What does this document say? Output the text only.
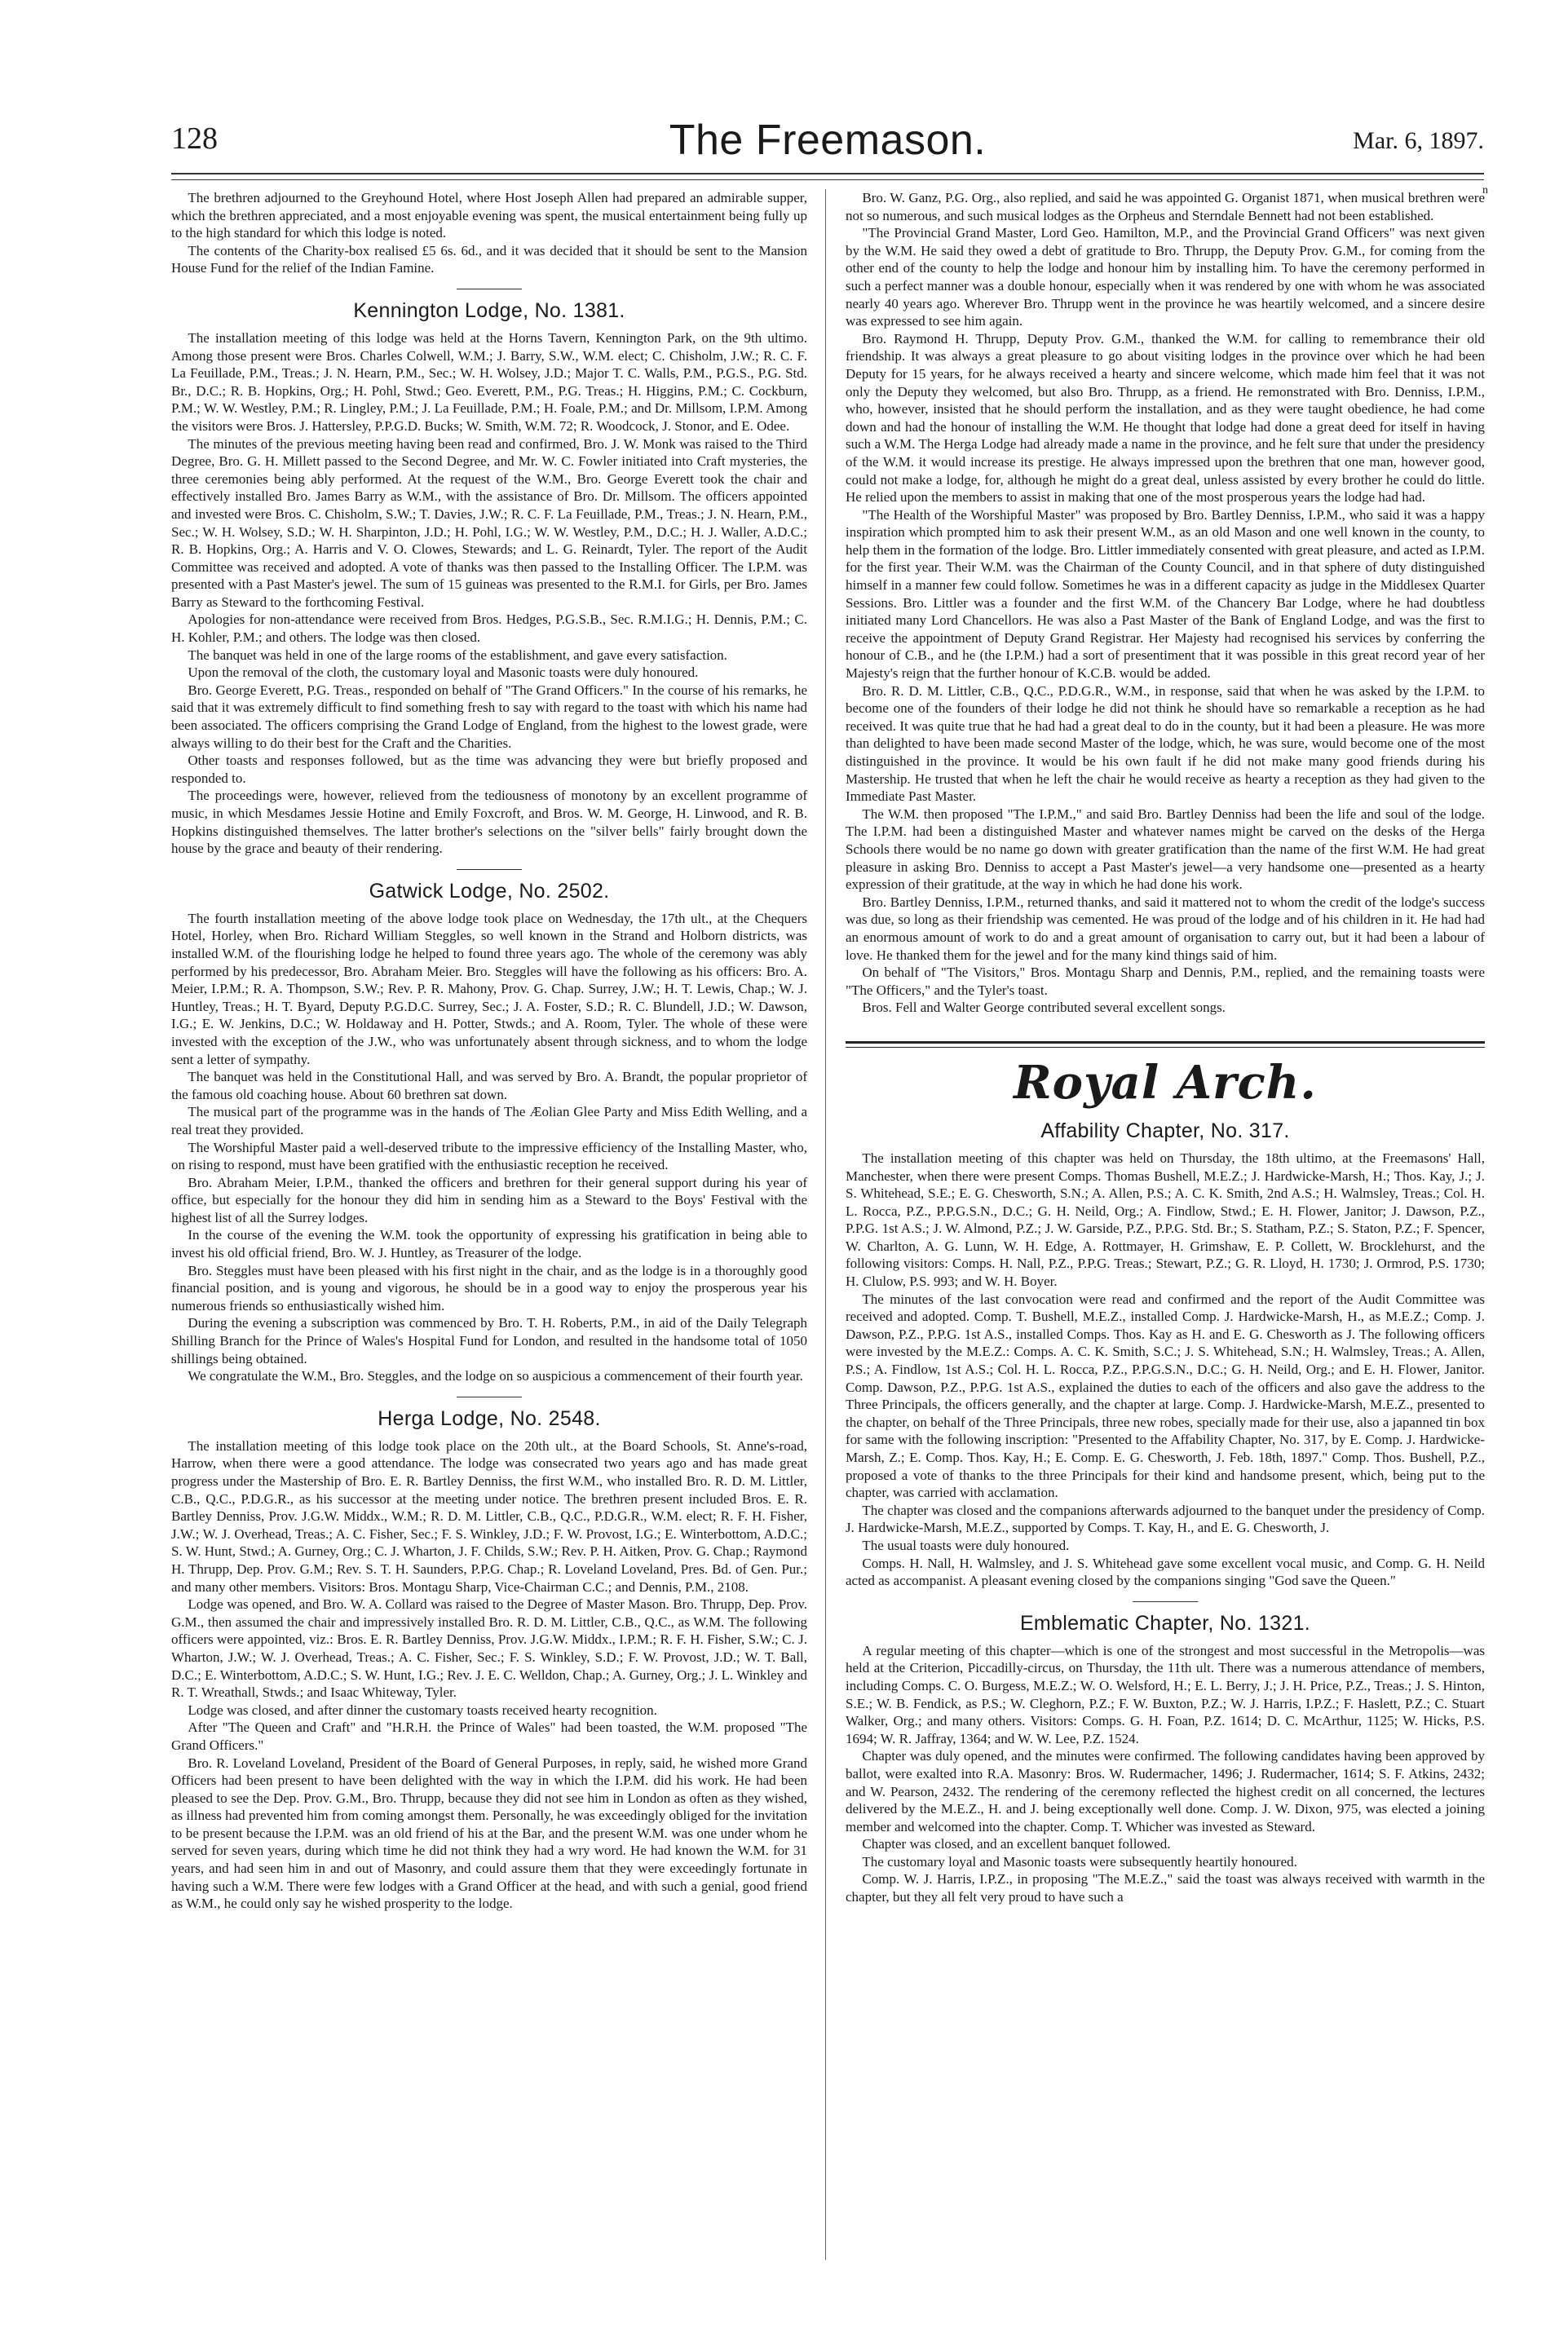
128	The Freemason.	Mar. 6, 1897.
n

The brethren adjourned to the Greyhound Hotel, where Host Joseph Allen had prepared an admirable supper, which the brethren appreciated, and a most enjoyable evening was spent, the musical entertainment being fully up to the high standard for which this lodge is noted.

The contents of the Charity-box realised £5 6s. 6d., and it was decided that it should be sent to the Mansion House Fund for the relief of the Indian Famine.

Kennington Lodge, No. 1381.

The installation meeting of this lodge was held at the Horns Tavern, Kennington Park, on the 9th ultimo. Among those present were Bros. Charles Colwell, W.M.; J. Barry, S.W., W.M. elect; C. Chisholm, J.W.; R. C. F. La Feuillade, P.M., Treas.; J. N. Hearn, P.M., Sec.; W. H. Wolsey, J.D.; Major T. C. Walls, P.M., P.G.S., P.G. Std. Br., D.C.; R. B. Hopkins, Org.; H. Pohl, Stwd.; Geo. Everett, P.M., P.G. Treas.; H. Higgins, P.M.; C. Cockburn, P.M.; W. W. Westley, P.M.; R. Lingley, P.M.; J. La Feuillade, P.M.; H. Foale, P.M.; and Dr. Millsom, I.P.M. Among the visitors were Bros. J. Hattersley, P.P.G.D. Bucks; W. Smith, W.M. 72; R. Woodcock, J. Stonor, and E. Odee.

The minutes of the previous meeting having been read and confirmed, Bro. J. W. Monk was raised to the Third Degree, Bro. G. H. Millett passed to the Second Degree, and Mr. W. C. Fowler initiated into Craft mysteries, the three ceremonies being ably performed. At the request of the W.M., Bro. George Everett took the chair and effectively installed Bro. James Barry as W.M., with the assistance of Bro. Dr. Millsom. The officers appointed and invested were Bros. C. Chisholm, S.W.; T. Davies, J.W.; R. C. F. La Feuillade, P.M., Treas.; J. N. Hearn, P.M., Sec.; W. H. Wolsey, S.D.; W. H. Sharpinton, J.D.; H. Pohl, I.G.; W. W. Westley, P.M., D.C.; H. J. Waller, A.D.C.; R. B. Hopkins, Org.; A. Harris and V. O. Clowes, Stewards; and L. G. Reinardt, Tyler. The report of the Audit Committee was received and adopted. A vote of thanks was then passed to the Installing Officer. The I.P.M. was presented with a Past Master's jewel. The sum of 15 guineas was presented to the R.M.I. for Girls, per Bro. James Barry as Steward to the forthcoming Festival.

Apologies for non-attendance were received from Bros. Hedges, P.G.S.B., Sec. R.M.I.G.; H. Dennis, P.M.; C. H. Kohler, P.M.; and others. The lodge was then closed.

The banquet was held in one of the large rooms of the establishment, and gave every satisfaction.

Upon the removal of the cloth, the customary loyal and Masonic toasts were duly honoured.

Bro. George Everett, P.G. Treas., responded on behalf of "The Grand Officers." In the course of his remarks, he said that it was extremely difficult to find something fresh to say with regard to the toast with which his name had been associated. The officers comprising the Grand Lodge of England, from the highest to the lowest grade, were always willing to do their best for the Craft and the Charities.

Other toasts and responses followed, but as the time was advancing they were but briefly proposed and responded to.

The proceedings were, however, relieved from the tediousness of monotony by an excellent programme of music, in which Mesdames Jessie Hotine and Emily Foxcroft, and Bros. W. M. George, H. Linwood, and R. B. Hopkins distinguished themselves. The latter brother's selections on the "silver bells" fairly brought down the house by the grace and beauty of their rendering.

Gatwick Lodge, No. 2502.

The fourth installation meeting of the above lodge took place on Wednesday, the 17th ult., at the Chequers Hotel, Horley, when Bro. Richard William Steggles, so well known in the Strand and Holborn districts, was installed W.M. of the flourishing lodge he helped to found three years ago. The whole of the ceremony was ably performed by his predecessor, Bro. Abraham Meier. Bro. Steggles will have the following as his officers: Bro. A. Meier, I.P.M.; R. A. Thompson, S.W.; Rev. P. R. Mahony, Prov. G. Chap. Surrey, J.W.; H. T. Lewis, Chap.; W. J. Huntley, Treas.; H. T. Byard, Deputy P.G.D.C. Surrey, Sec.; J. A. Foster, S.D.; R. C. Blundell, J.D.; W. Dawson, I.G.; E. W. Jenkins, D.C.; W. Holdaway and H. Potter, Stwds.; and A. Room, Tyler. The whole of these were invested with the exception of the J.W., who was unfortunately absent through sickness, and to whom the lodge sent a letter of sympathy.

The banquet was held in the Constitutional Hall, and was served by Bro. A. Brandt, the popular proprietor of the famous old coaching house. About 60 brethren sat down.

The musical part of the programme was in the hands of The Æolian Glee Party and Miss Edith Welling, and a real treat they provided.

The Worshipful Master paid a well-deserved tribute to the impressive efficiency of the Installing Master, who, on rising to respond, must have been gratified with the enthusiastic reception he received.

Bro. Abraham Meier, I.P.M., thanked the officers and brethren for their general support during his year of office, but especially for the honour they did him in sending him as a Steward to the Boys' Festival with the highest list of all the Surrey lodges.

In the course of the evening the W.M. took the opportunity of expressing his gratification in being able to invest his old official friend, Bro. W. J. Huntley, as Treasurer of the lodge.

Bro. Steggles must have been pleased with his first night in the chair, and as the lodge is in a thoroughly good financial position, and is young and vigorous, he should be in a good way to enjoy the prosperous year his numerous friends so enthusiastically wished him.

During the evening a subscription was commenced by Bro. T. H. Roberts, P.M., in aid of the Daily Telegraph Shilling Branch for the Prince of Wales's Hospital Fund for London, and resulted in the handsome total of 1050 shillings being obtained.

We congratulate the W.M., Bro. Steggles, and the lodge on so auspicious a commencement of their fourth year.

Herga Lodge, No. 2548.

The installation meeting of this lodge took place on the 20th ult., at the Board Schools, St. Anne's-road, Harrow, when there were a good attendance. The lodge was consecrated two years ago and has made great progress under the Mastership of Bro. E. R. Bartley Denniss, the first W.M., who installed Bro. R. D. M. Littler, C.B., Q.C., P.D.G.R., as his successor at the meeting under notice. The brethren present included Bros. E. R. Bartley Denniss, Prov. J.G.W. Middx., W.M.; R. D. M. Littler, C.B., Q.C., P.D.G.R., W.M. elect; R. F. H. Fisher, J.W.; W. J. Overhead, Treas.; A. C. Fisher, Sec.; F. S. Winkley, J.D.; F. W. Provost, I.G.; E. Winterbottom, A.D.C.; S. W. Hunt, Stwd.; A. Gurney, Org.; C. J. Wharton, J. F. Childs, S.W.; Rev. P. H. Aitken, Prov. G. Chap.; Raymond H. Thrupp, Dep. Prov. G.M.; Rev. S. T. H. Saunders, P.P.G. Chap.; R. Loveland Loveland, Pres. Bd. of Gen. Pur.; and many other members. Visitors: Bros. Montagu Sharp, Vice-Chairman C.C.; and Dennis, P.M., 2108.

Lodge was opened, and Bro. W. A. Collard was raised to the Degree of Master Mason. Bro. Thrupp, Dep. Prov. G.M., then assumed the chair and impressively installed Bro. R. D. M. Littler, C.B., Q.C., as W.M. The following officers were appointed, viz.: Bros. E. R. Bartley Denniss, Prov. J.G.W. Middx., I.P.M.; R. F. H. Fisher, S.W.; C. J. Wharton, J.W.; W. J. Overhead, Treas.; A. C. Fisher, Sec.; F. S. Winkley, S.D.; F. W. Provost, J.D.; W. T. Ball, D.C.; E. Winterbottom, A.D.C.; S. W. Hunt, I.G.; Rev. J. E. C. Welldon, Chap.; A. Gurney, Org.; J. L. Winkley and R. T. Wreathall, Stwds.; and Isaac Whiteway, Tyler.

Lodge was closed, and after dinner the customary toasts received hearty recognition.

After "The Queen and Craft" and "H.R.H. the Prince of Wales" had been toasted, the W.M. proposed "The Grand Officers."

Bro. R. Loveland Loveland, President of the Board of General Purposes, in reply, said, he wished more Grand Officers had been present to have been delighted with the way in which the I.P.M. did his work. He had been pleased to see the Dep. Prov. G.M., Bro. Thrupp, because they did not see him in London as often as they wished, as illness had prevented him from coming amongst them. Personally, he was exceedingly obliged for the invitation to be present because the I.P.M. was an old friend of his at the Bar, and the present W.M. was one under whom he served for seven years, during which time he did not think they had a wry word. He had known the W.M. for 31 years, and had seen him in and out of Masonry, and could assure them that they were exceedingly fortunate in having such a W.M. There were few lodges with a Grand Officer at the head, and with such a genial, good friend as W.M., he could only say he wished prosperity to the lodge.

Bro. W. Ganz, P.G. Org., also replied, and said he was appointed G. Organist 1871, when musical brethren were not so numerous, and such musical lodges as the Orpheus and Sterndale Bennett had not been established.

"The Provincial Grand Master, Lord Geo. Hamilton, M.P., and the Provincial Grand Officers" was next given by the W.M. He said they owed a debt of gratitude to Bro. Thrupp, the Deputy Prov. G.M., for coming from the other end of the county to help the lodge and honour him by installing him. To have the ceremony performed in such a perfect manner was a double honour, especially when it was rendered by one with whom he was associated nearly 40 years ago. Wherever Bro. Thrupp went in the province he was heartily welcomed, and a sincere desire was expressed to see him again.

Bro. Raymond H. Thrupp, Deputy Prov. G.M., thanked the W.M. for calling to remembrance their old friendship. It was always a great pleasure to go about visiting lodges in the province over which he had been Deputy for 15 years, for he always received a hearty and sincere welcome, which made him feel that it was not only the Deputy they welcomed, but also Bro. Thrupp, as a friend. He remonstrated with Bro. Denniss, I.P.M., who, however, insisted that he should perform the installation, and as they were taught obedience, he had come down and had the honour of installing the W.M. He thought that lodge had done a great deed for itself in having such a W.M. The Herga Lodge had already made a name in the province, and he felt sure that under the presidency of the W.M. it would increase its prestige. He always impressed upon the brethren that one man, however good, could not make a lodge, for, although he might do a great deal, unless assisted by every brother he could do little. He relied upon the members to assist in making that one of the most prosperous years the lodge had had.

"The Health of the Worshipful Master" was proposed by Bro. Bartley Denniss, I.P.M., who said it was a happy inspiration which prompted him to ask their present W.M., as an old Mason and one well known in the county, to help them in the formation of the lodge. Bro. Littler immediately consented with great pleasure, and acted as I.P.M. for the first year. Their W.M. was the Chairman of the County Council, and in that sphere of duty distinguished himself in a manner few could follow. Sometimes he was in a different capacity as judge in the Middlesex Quarter Sessions. Bro. Littler was a founder and the first W.M. of the Chancery Bar Lodge, where he had doubtless initiated many Lord Chancellors. He was also a Past Master of the Bank of England Lodge, and was the first to receive the appointment of Deputy Grand Registrar. Her Majesty had recognised his services by conferring the honour of C.B., and he (the I.P.M.) had a sort of presentiment that it was possible in this great record year of her Majesty's reign that the further honour of K.C.B. would be added.

Bro. R. D. M. Littler, C.B., Q.C., P.D.G.R., W.M., in response, said that when he was asked by the I.P.M. to become one of the founders of their lodge he did not think he should have so remarkable a reception as he had received. It was quite true that he had had a great deal to do in the county, but it had been a pleasure. He was more than delighted to have been made second Master of the lodge, which, he was sure, would become one of the most distinguished in the province. It would be his own fault if he did not make many good friends during his Mastership. He trusted that when he left the chair he would receive as hearty a reception as they had given to the Immediate Past Master.

The W.M. then proposed "The I.P.M.," and said Bro. Bartley Denniss had been the life and soul of the lodge. The I.P.M. had been a distinguished Master and whatever names might be carved on the desks of the Herga Schools there would be no name go down with greater gratification than the name of the first W.M. He had great pleasure in asking Bro. Denniss to accept a Past Master's jewel—a very handsome one—presented as a hearty expression of their gratitude, at the way in which he had done his work.

Bro. Bartley Denniss, I.P.M., returned thanks, and said it mattered not to whom the credit of the lodge's success was due, so long as their friendship was cemented. He was proud of the lodge and of his children in it. He had had an enormous amount of work to do and a great amount of organisation to carry out, but it had been a labour of love. He thanked them for the jewel and for the many kind things said of him.

On behalf of "The Visitors," Bros. Montagu Sharp and Dennis, P.M., replied, and the remaining toasts were "The Officers," and the Tyler's toast.

Bros. Fell and Walter George contributed several excellent songs.

Royal Arch.
Affability Chapter, No. 317.

The installation meeting of this chapter was held on Thursday, the 18th ultimo, at the Freemasons' Hall, Manchester, when there were present Comps. Thomas Bushell, M.E.Z.; J. Hardwicke-Marsh, H.; Thos. Kay, J.; J. S. Whitehead, S.E.; E. G. Chesworth, S.N.; A. Allen, P.S.; A. C. K. Smith, 2nd A.S.; H. Walmsley, Treas.; Col. H. L. Rocca, P.Z., P.P.G.S.N., D.C.; G. H. Neild, Org.; A. Findlow, Stwd.; E. H. Flower, Janitor; J. Dawson, P.Z., P.P.G. 1st A.S.; J. W. Almond, P.Z.; J. W. Garside, P.Z., P.P.G. Std. Br.; S. Statham, P.Z.; S. Staton, P.Z.; F. Spencer, W. Charlton, A. G. Lunn, W. H. Edge, A. Rottmayer, H. Grimshaw, E. P. Collett, W. Brocklehurst, and the following visitors: Comps. H. Nall, P.Z., P.P.G. Treas.; Stewart, P.Z.; G. R. Lloyd, H. 1730; J. Ormrod, P.S. 1730; H. Clulow, P.S. 993; and W. H. Boyer.

The minutes of the last convocation were read and confirmed and the report of the Audit Committee was received and adopted. Comp. T. Bushell, M.E.Z., installed Comp. J. Hardwicke-Marsh, H., as M.E.Z.; Comp. J. Dawson, P.Z., P.P.G. 1st A.S., installed Comps. Thos. Kay as H. and E. G. Chesworth as J. The following officers were invested by the M.E.Z.: Comps. A. C. K. Smith, S.C.; J. S. Whitehead, S.N.; H. Walmsley, Treas.; A. Allen, P.S.; A. Findlow, 1st A.S.; Col. H. L. Rocca, P.Z., P.P.G.S.N., D.C.; G. H. Neild, Org.; and E. H. Flower, Janitor. Comp. Dawson, P.Z., P.P.G. 1st A.S., explained the duties to each of the officers and also gave the address to the Three Principals, the officers generally, and the chapter at large. Comp. J. Hardwicke-Marsh, M.E.Z., presented to the chapter, on behalf of the Three Principals, three new robes, specially made for their use, also a japanned tin box for same with the following inscription: "Presented to the Affability Chapter, No. 317, by E. Comp. J. Hardwicke-Marsh, Z.; E. Comp. Thos. Kay, H.; E. Comp. E. G. Chesworth, J. Feb. 18th, 1897." Comp. Thos. Bushell, P.Z., proposed a vote of thanks to the three Principals for their kind and handsome present, which, being put to the chapter, was carried with acclamation.

The chapter was closed and the companions afterwards adjourned to the banquet under the presidency of Comp. J. Hardwicke-Marsh, M.E.Z., supported by Comps. T. Kay, H., and E. G. Chesworth, J.

The usual toasts were duly honoured.

Comps. H. Nall, H. Walmsley, and J. S. Whitehead gave some excellent vocal music, and Comp. G. H. Neild acted as accompanist. A pleasant evening closed by the companions singing "God save the Queen."

Emblematic Chapter, No. 1321.

A regular meeting of this chapter—which is one of the strongest and most successful in the Metropolis—was held at the Criterion, Piccadilly-circus, on Thursday, the 11th ult. There was a numerous attendance of members, including Comps. C. O. Burgess, M.E.Z.; W. O. Welsford, H.; E. L. Berry, J.; J. H. Price, P.Z., Treas.; J. S. Hinton, S.E.; W. B. Fendick, as P.S.; W. Cleghorn, P.Z.; F. W. Buxton, P.Z.; W. J. Harris, I.P.Z.; F. Haslett, P.Z.; C. Stuart Walker, Org.; and many others. Visitors: Comps. G. H. Foan, P.Z. 1614; D. C. McArthur, 1125; W. Hicks, P.S. 1694; W. R. Jaffray, 1364; and W. W. Lee, P.Z. 1524.

Chapter was duly opened, and the minutes were confirmed. The following candidates having been approved by ballot, were exalted into R.A. Masonry: Bros. W. Rudermacher, 1496; J. Rudermacher, 1614; S. F. Atkins, 2432; and W. Pearson, 2432. The rendering of the ceremony reflected the highest credit on all concerned, the lectures delivered by the M.E.Z., H. and J. being exceptionally well done. Comp. J. W. Dixon, 975, was elected a joining member and welcomed into the chapter. Comp. T. Whicher was invested as Steward.

Chapter was closed, and an excellent banquet followed.

The customary loyal and Masonic toasts were subsequently heartily honoured.

Comp. W. J. Harris, I.P.Z., in proposing "The M.E.Z.," said the toast was always received with warmth in the chapter, but they all felt very proud to have such a
